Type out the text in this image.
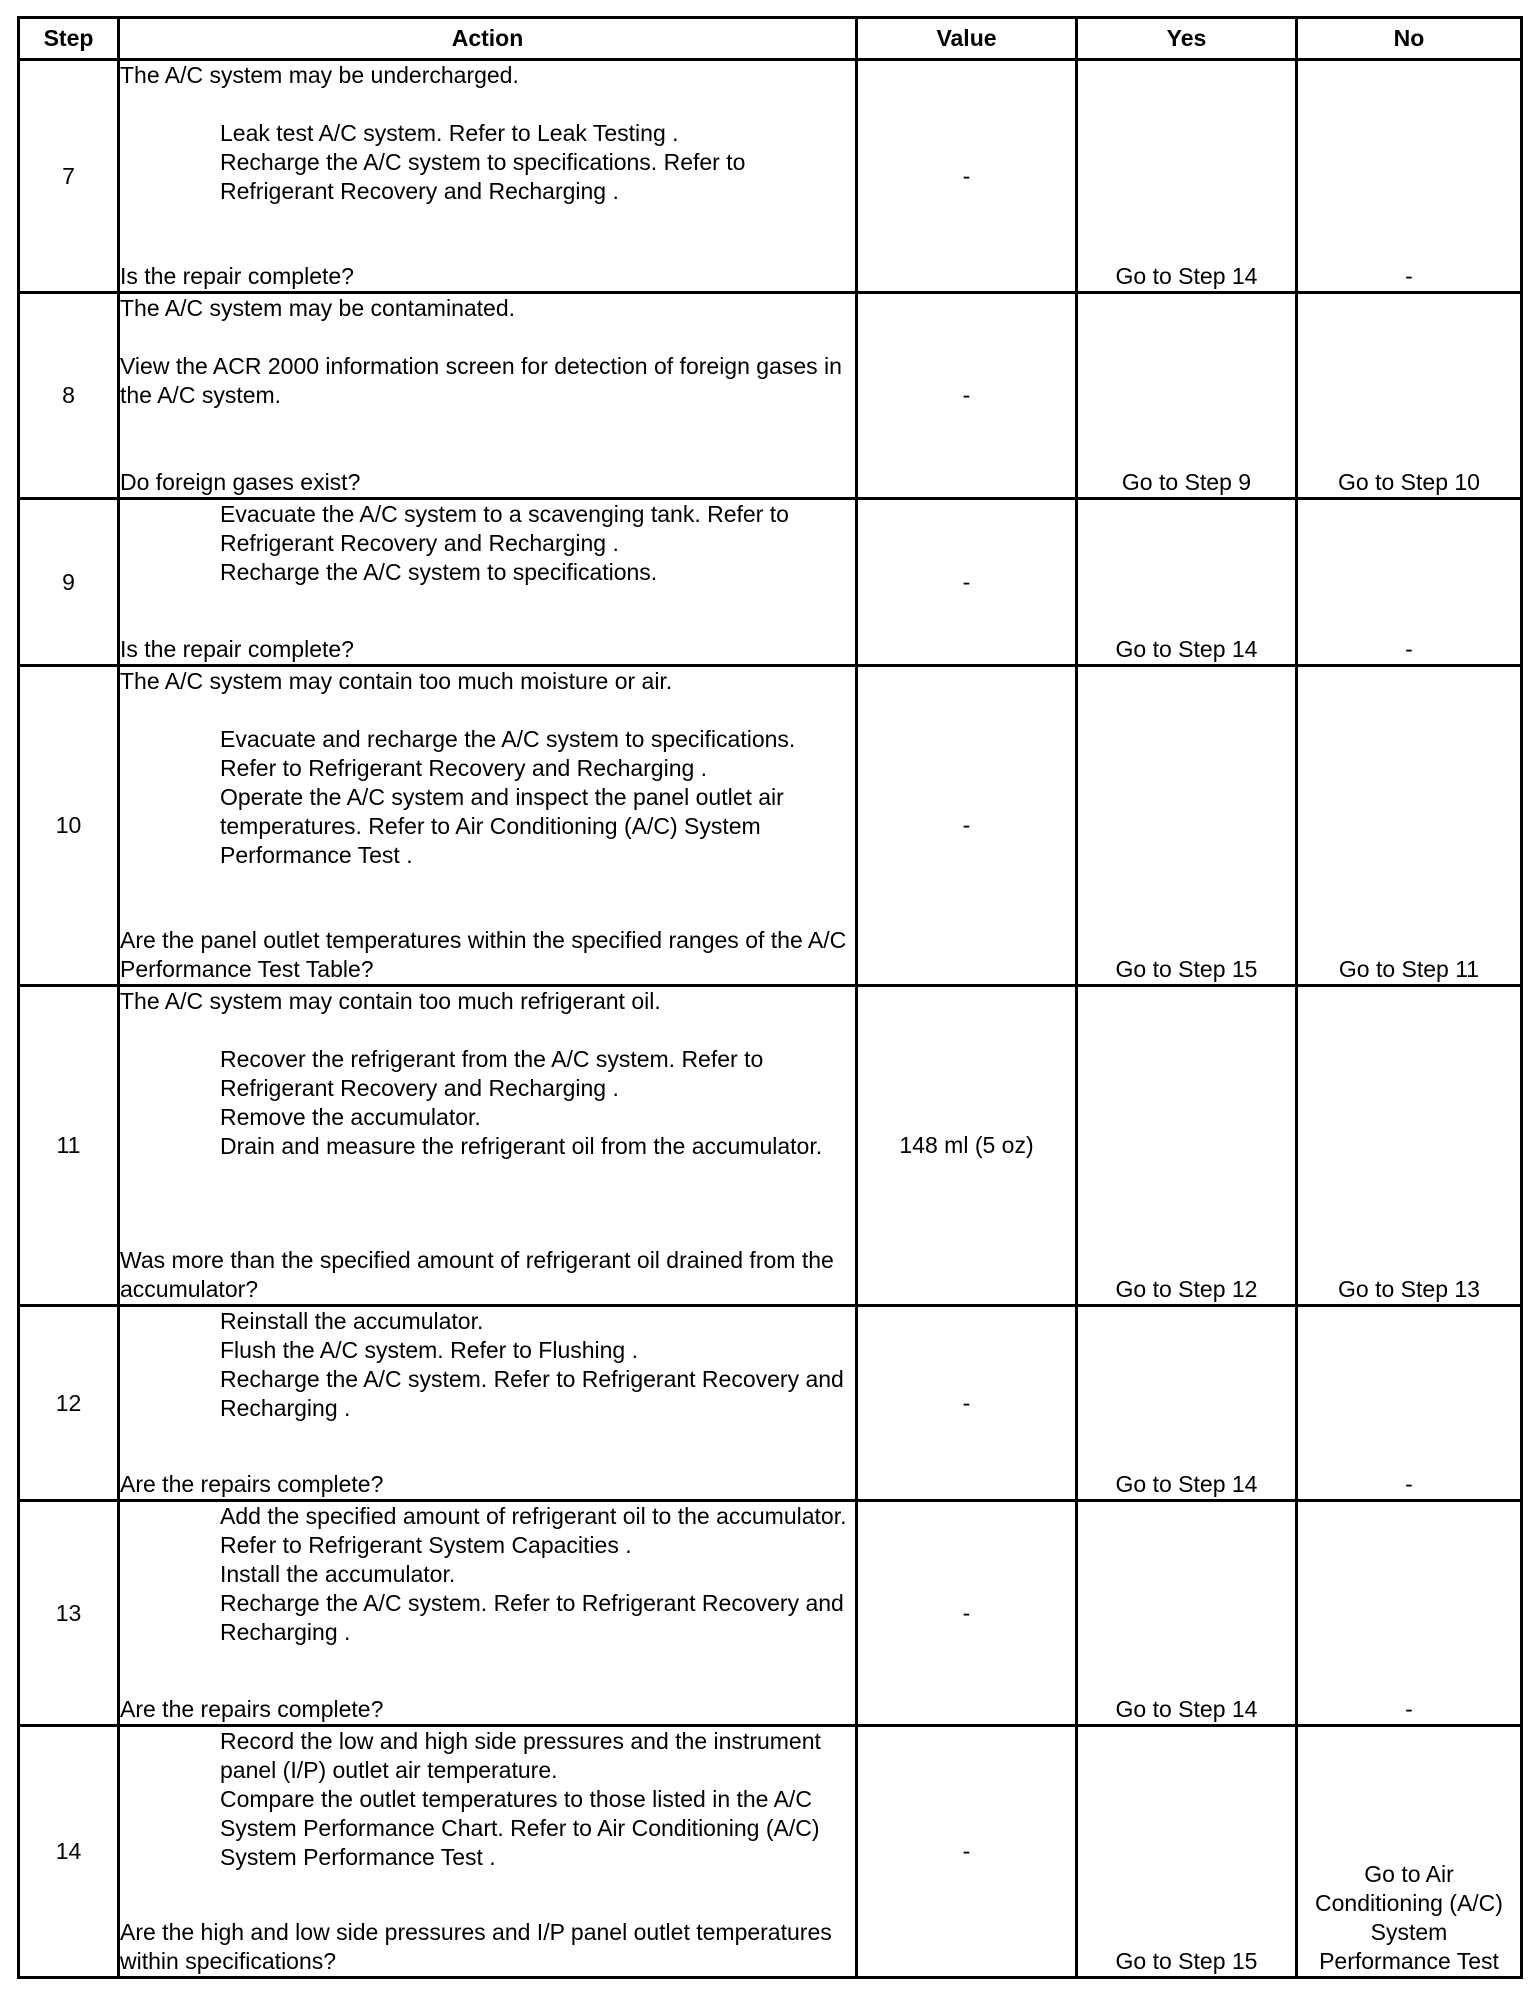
Step	Action	Value	Yes	No
7	The A/C system may be undercharged.
Leak test A/C system. Refer to Leak Testing .
Recharge the A/C system to specifications. Refer to Refrigerant Recovery and Recharging .
Is the repair complete?	-	Go to Step 14	-
8	The A/C system may be contaminated.
View the ACR 2000 information screen for detection of foreign gases in the A/C system.
Do foreign gases exist?	-	Go to Step 9	Go to Step 10
9	Evacuate the A/C system to a scavenging tank. Refer to Refrigerant Recovery and Recharging .
Recharge the A/C system to specifications.
Is the repair complete?	-	Go to Step 14	-
10	The A/C system may contain too much moisture or air.
Evacuate and recharge the A/C system to specifications. Refer to Refrigerant Recovery and Recharging .
Operate the A/C system and inspect the panel outlet air temperatures. Refer to Air Conditioning (A/C) System Performance Test .
Are the panel outlet temperatures within the specified ranges of the A/C Performance Test Table?	-	Go to Step 15	Go to Step 11
11	The A/C system may contain too much refrigerant oil.
Recover the refrigerant from the A/C system. Refer to Refrigerant Recovery and Recharging .
Remove the accumulator.
Drain and measure the refrigerant oil from the accumulator.
Was more than the specified amount of refrigerant oil drained from the accumulator?	148 ml (5 oz)	Go to Step 12	Go to Step 13
12	Reinstall the accumulator.
Flush the A/C system. Refer to Flushing .
Recharge the A/C system. Refer to Refrigerant Recovery and Recharging .
Are the repairs complete?	-	Go to Step 14	-
13	Add the specified amount of refrigerant oil to the accumulator. Refer to Refrigerant System Capacities .
Install the accumulator.
Recharge the A/C system. Refer to Refrigerant Recovery and Recharging .
Are the repairs complete?	-	Go to Step 14	-
14	Record the low and high side pressures and the instrument panel (I/P) outlet air temperature.
Compare the outlet temperatures to those listed in the A/C System Performance Chart. Refer to Air Conditioning (A/C) System Performance Test .
Are the high and low side pressures and I/P panel outlet temperatures within specifications?	-	Go to Step 15	Go to Air Conditioning (A/C) System Performance Test
